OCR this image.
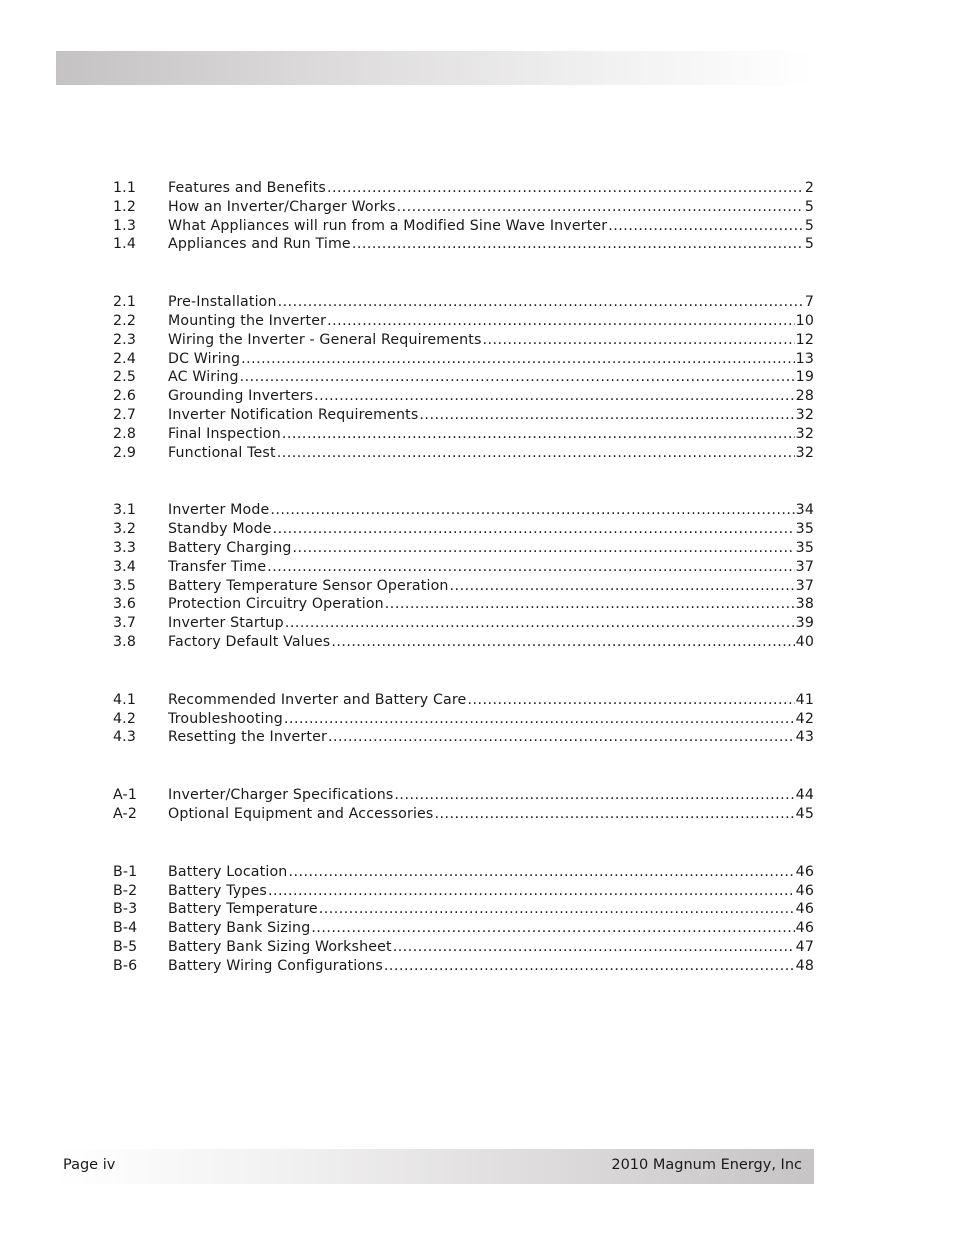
1.1	Features and Benefits .....	2
1.2	How an Inverter/Charger Works .....	5
1.3	What Appliances will run from a Modified Sine Wave Inverter .....	5
1.4	Appliances and Run Time .....	5
2.1	Pre-Installation .....	7
2.2	Mounting the Inverter .....	10
2.3	Wiring the Inverter - General Requirements .....	12
2.4	DC Wiring .....	13
2.5	AC Wiring .....	19
2.6	Grounding Inverters .....	28
2.7	Inverter Notification Requirements .....	32
2.8	Final Inspection .....	32
2.9	Functional Test .....	32
3.1	Inverter Mode .....	34
3.2	Standby Mode .....	35
3.3	Battery Charging .....	35
3.4	Transfer Time .....	37
3.5	Battery Temperature Sensor Operation .....	37
3.6	Protection Circuitry Operation .....	38
3.7	Inverter Startup .....	39
3.8	Factory Default Values .....	40
4.1	Recommended Inverter and Battery Care .....	41
4.2	Troubleshooting .....	42
4.3	Resetting the Inverter .....	43
A-1	Inverter/Charger Specifications .....	44
A-2	Optional Equipment and Accessories .....	45
B-1	Battery Location .....	46
B-2	Battery Types .....	46
B-3	Battery Temperature .....	46
B-4	Battery Bank Sizing .....	46
B-5	Battery Bank Sizing Worksheet .....	47
B-6	Battery Wiring Configurations .....	48
Page iv	2010 Magnum Energy, Inc
